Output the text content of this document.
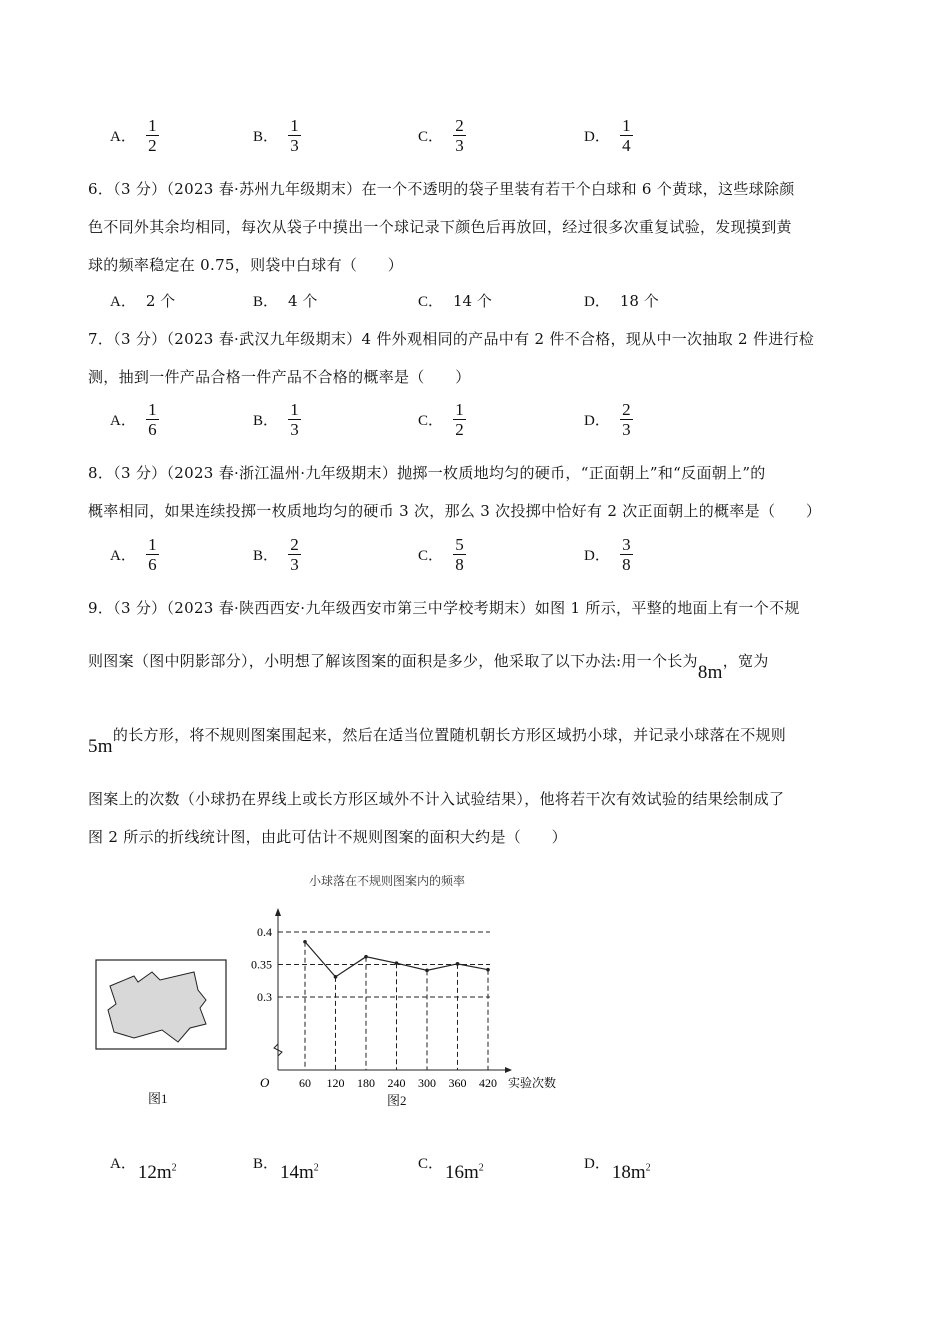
A． $\frac{1}{2}$	B． $\frac{1}{3}$	C． $\frac{2}{3}$	D． $\frac{1}{4}$
6．（3 分）（2023 春·苏州九年级期末）在一个不透明的袋子里装有若干个白球和 6 个黄球，这些球除颜
色不同外其余均相同，每次从袋子中摸出一个球记录下颜色后再放回，经过很多次重复试验，发现摸到黄
球的频率稳定在 0.75，则袋中白球有（　　）
A． 2 个	B． 4 个	C． 14 个	D． 18 个
7．（3 分）（2023 春·武汉九年级期末）4 件外观相同的产品中有 2 件不合格，现从中一次抽取 2 件进行检
测，抽到一件产品合格一件产品不合格的概率是（　　）
A． $\frac{1}{6}$	B． $\frac{1}{3}$	C． $\frac{1}{2}$	D． $\frac{2}{3}$
8．（3 分）（2023 春·浙江温州·九年级期末）抛掷一枚质地均匀的硬币，“正面朝上”和“反面朝上”的
概率相同，如果连续投掷一枚质地均匀的硬币 3 次，那么 3 次投掷中恰好有 2 次正面朝上的概率是（　　）
A． $\frac{1}{6}$	B． $\frac{2}{3}$	C． $\frac{5}{8}$	D． $\frac{3}{8}$
9．（3 分）（2023 春·陕西西安·九年级西安市第三中学校考期末）如图 1 所示，平整的地面上有一个不规
则图案（图中阴影部分），小明想了解该图案的面积是多少，他采取了以下办法:用一个长为8m，宽为
5m的长方形，将不规则图案围起来，然后在适当位置随机朝长方形区域扔小球，并记录小球落在不规则
图案上的次数（小球扔在界线上或长方形区域外不计入试验结果），他将若干次有效试验的结果绘制成了
图 2 所示的折线统计图，由此可估计不规则图案的面积大约是（　　）
图1
小球落在不规则图案内的频率
0.4
0.35
0.3
60 120 180 240 300 360 420
O	实验次数
图2
A． $12m^2$	B． $14m^2$	C． $16m^2$	D． $18m^2$
